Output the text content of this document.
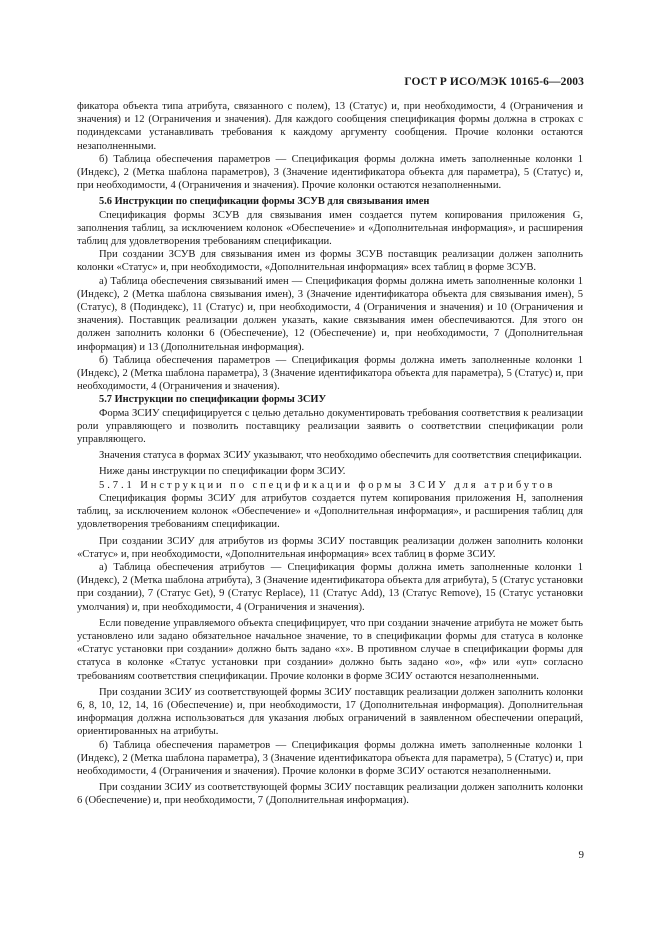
ГОСТ Р ИСО/МЭК 10165-6—2003

фикатора объекта типа атрибута, связанного с полем), 13 (Статус) и, при необходимости, 4 (Ограничения и значения) и 12 (Ограничения и значения). Для каждого сообщения спецификация формы должна в строках с подиндексами устанавливать требования к каждому аргументу сообщения. Прочие колонки остаются незаполненными.

б) Таблица обеспечения параметров — Спецификация формы должна иметь заполненные колонки 1 (Индекс), 2 (Метка шаблона параметров), 3 (Значение идентификатора объекта для параметра), 5 (Статус) и, при необходимости, 4 (Ограничения и значения). Прочие колонки остаются незаполненными.

5.6 Инструкции по спецификации формы ЗСУВ для связывания имен

Спецификация формы ЗСУВ для связывания имен создается путем копирования приложения G, заполнения таблиц, за исключением колонок «Обеспечение» и «Дополнительная информация», и расширения таблиц для удовлетворения требованиям спецификации.

При создании ЗСУВ для связывания имен из формы ЗСУВ поставщик реализации должен заполнить колонки «Статус» и, при необходимости, «Дополнительная информация» всех таблиц в форме ЗСУВ.

а) Таблица обеспечения связываний имен — Спецификация формы должна иметь заполненные колонки 1 (Индекс), 2 (Метка шаблона связывания имен), 3 (Значение идентификатора объекта для связывания имен), 5 (Статус), 8 (Подиндекс), 11 (Статус) и, при необходимости, 4 (Ограничения и значения) и 10 (Ограничения и значения). Поставщик реализации должен указать, какие связывания имен обеспечиваются. Для этого он должен заполнить колонки 6 (Обеспечение), 12 (Обеспечение) и, при необходимости, 7 (Дополнительная информация) и 13 (Дополнительная информация).

б) Таблица обеспечения параметров — Спецификация формы должна иметь заполненные колонки 1 (Индекс), 2 (Метка шаблона параметра), 3 (Значение идентификатора объекта для параметра), 5 (Статус) и, при необходимости, 4 (Ограничения и значения).

5.7 Инструкции по спецификации формы ЗСИУ

Форма ЗСИУ специфицируется с целью детально документировать требования соответствия к реализации роли управляющего и позволить поставщику реализации заявить о соответствии спецификации роли управляющего.

Значения статуса в формах ЗСИУ указывают, что необходимо обеспечить для соответствия спецификации.

Ниже даны инструкции по спецификации форм ЗСИУ.

5.7.1 Инструкции по спецификации формы ЗСИУ для атрибутов

Спецификация формы ЗСИУ для атрибутов создается путем копирования приложения Н, заполнения таблиц, за исключением колонок «Обеспечение» и «Дополнительная информация», и расширения таблиц для удовлетворения требованиям спецификации.

При создании ЗСИУ для атрибутов из формы ЗСИУ поставщик реализации должен заполнить колонки «Статус» и, при необходимости, «Дополнительная информация» всех таблиц в форме ЗСИУ.

а) Таблица обеспечения атрибутов — Спецификация формы должна иметь заполненные колонки 1 (Индекс), 2 (Метка шаблона атрибута), 3 (Значение идентификатора объекта для атрибута), 5 (Статус установки при создании), 7 (Статус Get), 9 (Статус Replace), 11 (Статус Add), 13 (Статус Remove), 15 (Статус установки умолчания) и, при необходимости, 4 (Ограничения и значения).

Если поведение управляемого объекта специфицирует, что при создании значение атрибута не может быть установлено или задано обязательное начальное значение, то в спецификации формы для статуса в колонке «Статус установки при создании» должно быть задано «х». В противном случае в спецификации формы для статуса в колонке «Статус установки при создании» должно быть задано «о», «ф» или «уп» согласно требованиям соответствия спецификации. Прочие колонки в форме ЗСИУ остаются незаполненными.

При создании ЗСИУ из соответствующей формы ЗСИУ поставщик реализации должен заполнить колонки 6, 8, 10, 12, 14, 16 (Обеспечение) и, при необходимости, 17 (Дополнительная информация). Дополнительная информация должна использоваться для указания любых ограничений в заявленном обеспечении операций, ориентированных на атрибуты.

б) Таблица обеспечения параметров — Спецификация формы должна иметь заполненные колонки 1 (Индекс), 2 (Метка шаблона параметра), 3 (Значение идентификатора объекта для параметра), 5 (Статус) и, при необходимости, 4 (Ограничения и значения). Прочие колонки в форме ЗСИУ остаются незаполненными.

При создании ЗСИУ из соответствующей формы ЗСИУ поставщик реализации должен заполнить колонки 6 (Обеспечение) и, при необходимости, 7 (Дополнительная информация).

9
